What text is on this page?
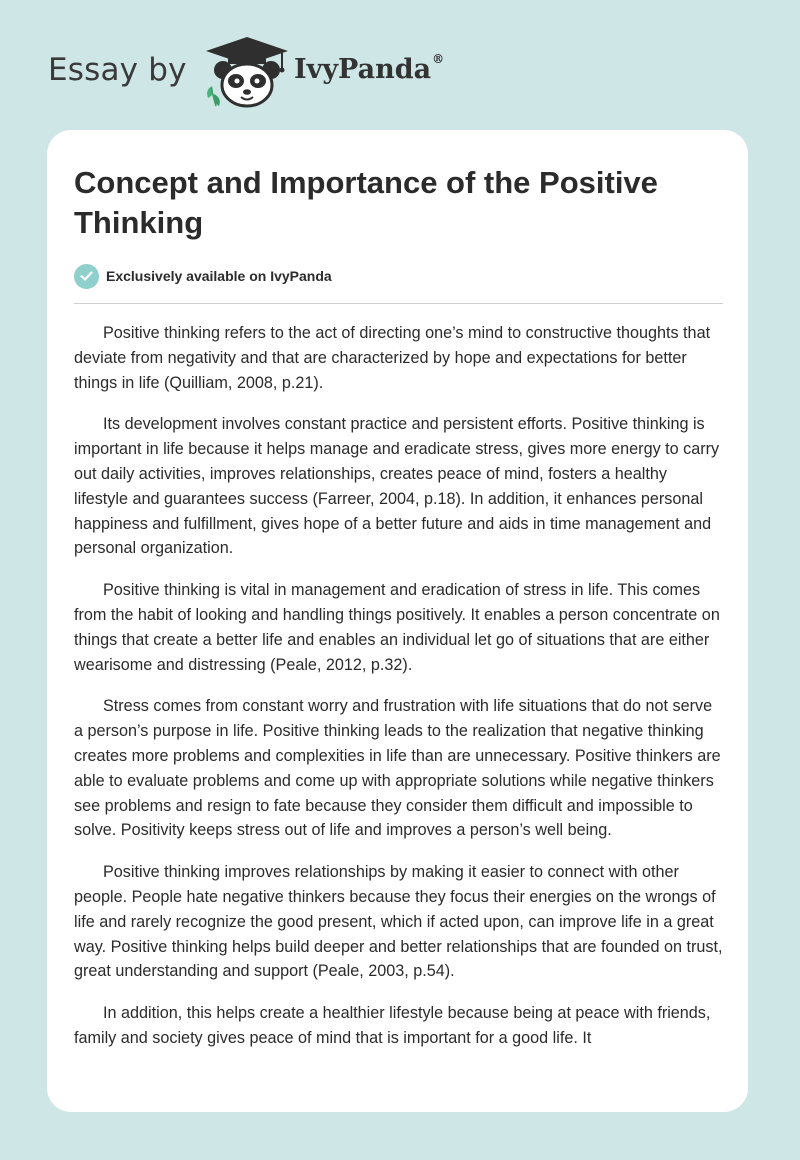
Essay by	IvyPanda®
Concept and Importance of the Positive Thinking
Exclusively available on IvyPanda

Positive thinking refers to the act of directing one’s mind to constructive thoughts that deviate from negativity and that are characterized by hope and expectations for better things in life (Quilliam, 2008, p.21).

Its development involves constant practice and persistent efforts. Positive thinking is important in life because it helps manage and eradicate stress, gives more energy to carry out daily activities, improves relationships, creates peace of mind, fosters a healthy lifestyle and guarantees success (Farreer, 2004, p.18). In addition, it enhances personal happiness and fulfillment, gives hope of a better future and aids in time management and personal organization.

Positive thinking is vital in management and eradication of stress in life. This comes from the habit of looking and handling things positively. It enables a person concentrate on things that create a better life and enables an individual let go of situations that are either wearisome and distressing (Peale, 2012, p.32).

Stress comes from constant worry and frustration with life situations that do not serve a person’s purpose in life. Positive thinking leads to the realization that negative thinking creates more problems and complexities in life than are unnecessary. Positive thinkers are able to evaluate problems and come up with appropriate solutions while negative thinkers see problems and resign to fate because they consider them difficult and impossible to solve. Positivity keeps stress out of life and improves a person’s well being.

Positive thinking improves relationships by making it easier to connect with other people. People hate negative thinkers because they focus their energies on the wrongs of life and rarely recognize the good present, which if acted upon, can improve life in a great way. Positive thinking helps build deeper and better relationships that are founded on trust, great understanding and support (Peale, 2003, p.54).

In addition, this helps create a healthier lifestyle because being at peace with friends, family and society gives peace of mind that is important for a good life. It
